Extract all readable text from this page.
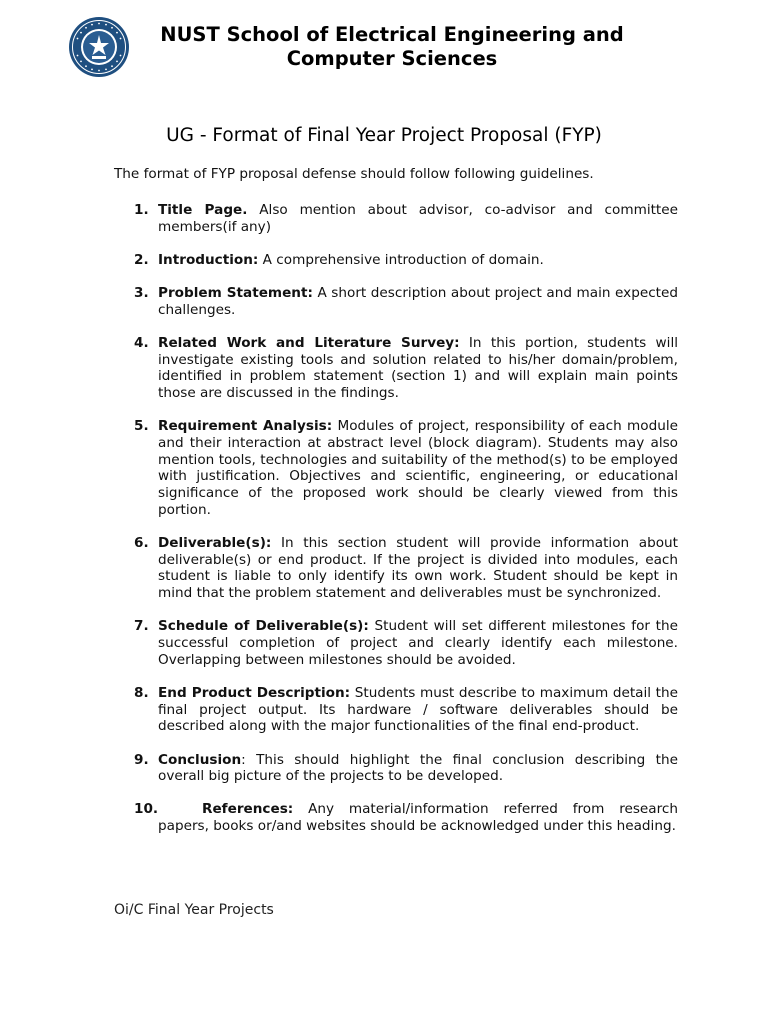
NUST School of Electrical Engineering and Computer Sciences
UG - Format of Final Year Project Proposal (FYP)
The format of FYP proposal defense should follow following guidelines.
1. Title Page. Also mention about advisor, co-advisor and committee members(if any)
2. Introduction: A comprehensive introduction of domain.
3. Problem Statement: A short description about project and main expected challenges.
4. Related Work and Literature Survey: In this portion, students will investigate existing tools and solution related to his/her domain/problem, identified in problem statement (section 1) and will explain main points those are discussed in the findings.
5. Requirement Analysis: Modules of project, responsibility of each module and their interaction at abstract level (block diagram). Students may also mention tools, technologies and suitability of the method(s) to be employed with justification. Objectives and scientific, engineering, or educational significance of the proposed work should be clearly viewed from this portion.
6. Deliverable(s): In this section student will provide information about deliverable(s) or end product. If the project is divided into modules, each student is liable to only identify its own work. Student should be kept in mind that the problem statement and deliverables must be synchronized.
7. Schedule of Deliverable(s): Student will set different milestones for the successful completion of project and clearly identify each milestone. Overlapping between milestones should be avoided.
8. End Product Description: Students must describe to maximum detail the final project output. Its hardware / software deliverables should be described along with the major functionalities of the final end-product.
9. Conclusion: This should highlight the final conclusion describing the overall big picture of the projects to be developed.
10.	References: Any material/information referred from research papers, books or/and websites should be acknowledged under this heading.
Oi/C Final Year Projects
